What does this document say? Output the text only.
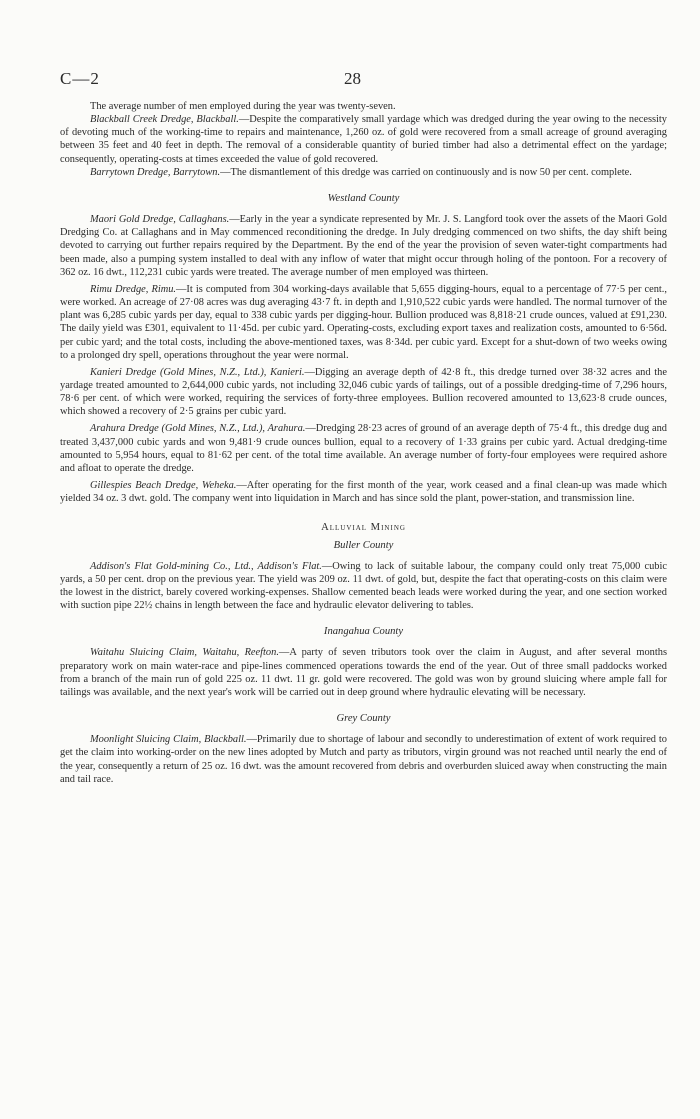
C—2	28

The average number of men employed during the year was twenty-seven.

Blackball Creek Dredge, Blackball.—Despite the comparatively small yardage which was dredged during the year owing to the necessity of devoting much of the working-time to repairs and maintenance, 1,260 oz. of gold were recovered from a small acreage of ground averaging between 35 feet and 40 feet in depth. The removal of a considerable quantity of buried timber had also a detrimental effect on the yardage; consequently, operating-costs at times exceeded the value of gold recovered.

Barrytown Dredge, Barrytown.—The dismantlement of this dredge was carried on continuously and is now 50 per cent. complete.

Westland County

Maori Gold Dredge, Callaghans.—Early in the year a syndicate represented by Mr. J. S. Langford took over the assets of the Maori Gold Dredging Co. at Callaghans and in May commenced reconditioning the dredge. In July dredging commenced on two shifts, the day shift being devoted to carrying out further repairs required by the Department. By the end of the year the provision of seven water-tight compartments had been made, also a pumping system installed to deal with any inflow of water that might occur through holing of the pontoon. For a recovery of 362 oz. 16 dwt., 112,231 cubic yards were treated. The average number of men employed was thirteen.

Rimu Dredge, Rimu.—It is computed from 304 working-days available that 5,655 digging-hours, equal to a percentage of 77·5 per cent., were worked. An acreage of 27·08 acres was dug averaging 43·7 ft. in depth and 1,910,522 cubic yards were handled. The normal turnover of the plant was 6,285 cubic yards per day, equal to 338 cubic yards per digging-hour. Bullion produced was 8,818·21 crude ounces, valued at £91,230. The daily yield was £301, equivalent to 11·45d. per cubic yard. Operating-costs, excluding export taxes and realization costs, amounted to 6·56d. per cubic yard; and the total costs, including the above-mentioned taxes, was 8·34d. per cubic yard. Except for a shut-down of two weeks owing to a prolonged dry spell, operations throughout the year were normal.

Kanieri Dredge (Gold Mines, N.Z., Ltd.), Kanieri.—Digging an average depth of 42·8 ft., this dredge turned over 38·32 acres and the yardage treated amounted to 2,644,000 cubic yards, not including 32,046 cubic yards of tailings, out of a possible dredging-time of 7,296 hours, 78·6 per cent. of which were worked, requiring the services of forty-three employees. Bullion recovered amounted to 13,623·8 crude ounces, which showed a recovery of 2·5 grains per cubic yard.

Arahura Dredge (Gold Mines, N.Z., Ltd.), Arahura.—Dredging 28·23 acres of ground of an average depth of 75·4 ft., this dredge dug and treated 3,437,000 cubic yards and won 9,481·9 crude ounces bullion, equal to a recovery of 1·33 grains per cubic yard. Actual dredging-time amounted to 5,954 hours, equal to 81·62 per cent. of the total time available. An average number of forty-four employees were required ashore and afloat to operate the dredge.

Gillespies Beach Dredge, Weheka.—After operating for the first month of the year, work ceased and a final clean-up was made which yielded 34 oz. 3 dwt. gold. The company went into liquidation in March and has since sold the plant, power-station, and transmission line.

Alluvial Mining
Buller County

Addison's Flat Gold-mining Co., Ltd., Addison's Flat.—Owing to lack of suitable labour, the company could only treat 75,000 cubic yards, a 50 per cent. drop on the previous year. The yield was 209 oz. 11 dwt. of gold, but, despite the fact that operating-costs on this claim were the lowest in the district, barely covered working-expenses. Shallow cemented beach leads were worked during the year, and one section worked with suction pipe 22½ chains in length between the face and hydraulic elevator delivering to tables.

Inangahua County

Waitahu Sluicing Claim, Waitahu, Reefton.—A party of seven tributors took over the claim in August, and after several months preparatory work on main water-race and pipe-lines commenced operations towards the end of the year. Out of three small paddocks worked from a branch of the main run of gold 225 oz. 11 dwt. 11 gr. gold were recovered. The gold was won by ground sluicing where ample fall for tailings was available, and the next year's work will be carried out in deep ground where hydraulic elevating will be necessary.

Grey County

Moonlight Sluicing Claim, Blackball.—Primarily due to shortage of labour and secondly to underestimation of extent of work required to get the claim into working-order on the new lines adopted by Mutch and party as tributors, virgin ground was not reached until nearly the end of the year, consequently a return of 25 oz. 16 dwt. was the amount recovered from debris and overburden sluiced away when constructing the main and tail race.
